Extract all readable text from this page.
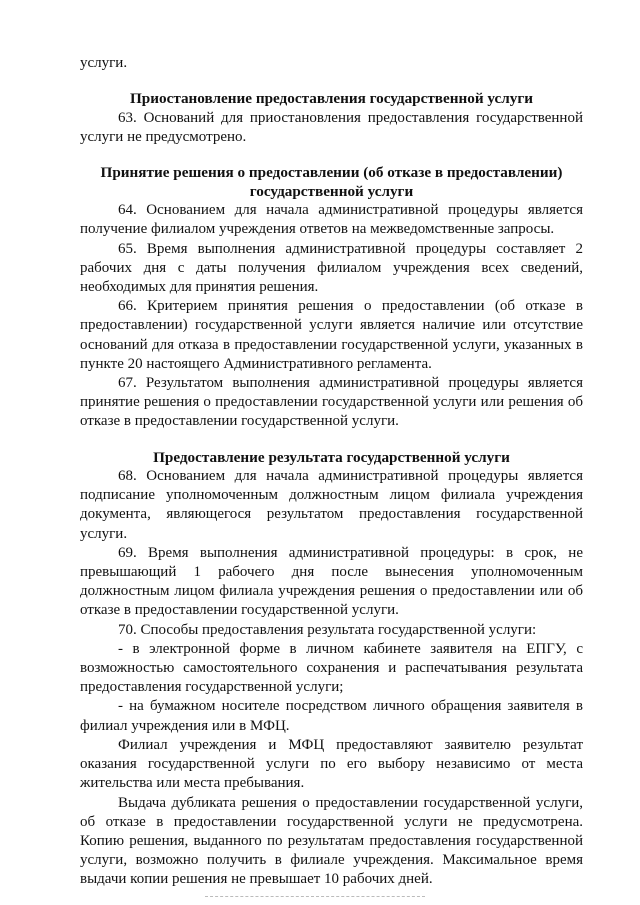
услуги.

Приостановление предоставления государственной услуги

63. Оснований для приостановления предоставления государственной услуги не предусмотрено.

Принятие решения о предоставлении (об отказе в предоставлении)

государственной услуги

64. Основанием для начала административной процедуры является получение филиалом учреждения ответов на межведомственные запросы.

65. Время выполнения административной процедуры составляет 2 рабочих дня с даты получения филиалом учреждения всех сведений, необходимых для принятия решения.

66. Критерием принятия решения о предоставлении (об отказе в предоставлении) государственной услуги является наличие или отсутствие оснований для отказа в предоставлении государственной услуги, указанных в пункте 20 настоящего Административного регламента.

67. Результатом выполнения административной процедуры является принятие решения о предоставлении государственной услуги или решения об отказе в предоставлении государственной услуги.

Предоставление результата государственной услуги

68. Основанием для начала административной процедуры является подписание уполномоченным должностным лицом филиала учреждения документа, являющегося результатом предоставления государственной услуги.

69. Время выполнения административной процедуры: в срок, не превышающий 1 рабочего дня после вынесения уполномоченным должностным лицом филиала учреждения решения о предоставлении или об отказе в предоставлении государственной услуги.

70. Способы предоставления результата государственной услуги:

- в электронной форме в личном кабинете заявителя на ЕПГУ, с возможностью самостоятельного сохранения и распечатывания результата предоставления государственной услуги;

- на бумажном носителе посредством личного обращения заявителя в филиал учреждения или в МФЦ.

Филиал учреждения и МФЦ предоставляют заявителю результат оказания государственной услуги по его выбору независимо от места жительства или места пребывания.

Выдача дубликата решения о предоставлении государственной услуги, об отказе в предоставлении государственной услуги не предусмотрена. Копию решения, выданного по результатам предоставления государственной услуги, возможно получить в филиале учреждения. Максимальное время выдачи копии решения не превышает 10 рабочих дней.
